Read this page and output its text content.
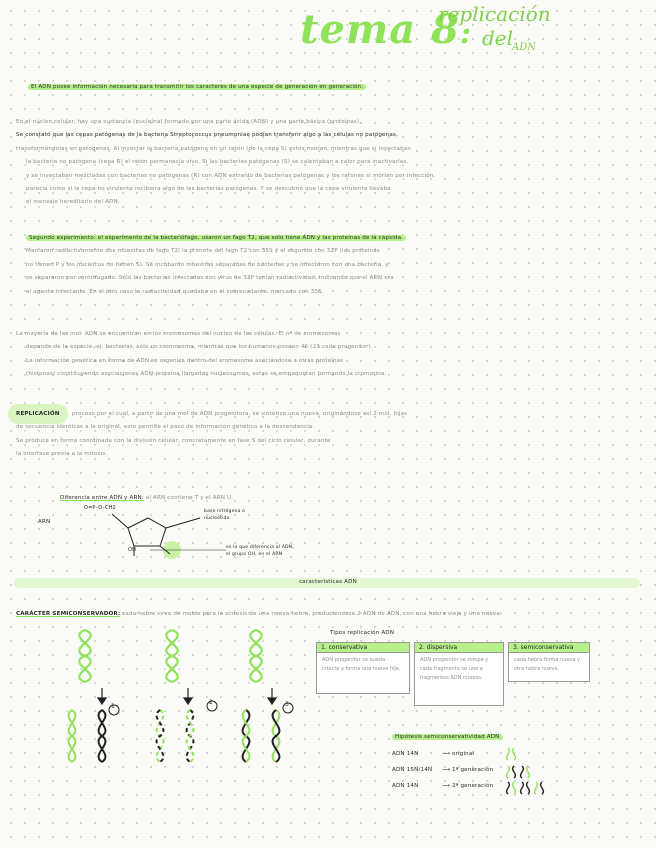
tema 8:
replicación
del
ADN
El ADN posee información necesaria para transmitir los caracteres de una especie de generación en generación.
En el núcleo celular, hay una sustancia (nucleína) formada por una parte ácida (ADN) y una parte básica (proteínas).
Se constató que las cepas patógenas de la bacteria Streptococcus pneumoniae podían transferir algo a las células no patógenas,
transformándolas en patógenas. Al inyectar la bacteria patógena en un ratón (de la cepa S) estos morían, mientras que si inyectaban
la bacteria no patógena (cepa R) el ratón permanecía vivo. Si las bacterias patógenas (S) se calentaban a calor para inactivarlas,
y se inyectaban mezcladas con bacterias no patógenas (R) con ADN extraído de bacterias patógenas y los ratones sí morían por infección,
parecía como si la cepa no virulenta recibiera algo de las bacterias patógenas. Y se descubrió que la cepa virulenta llevaba
el mensaje hereditario del ADN.
Segundo experimento: el experimento de la bacteriófago, usaron un fago T2, que solo tiene ADN y las proteínas de la cápsida.
Marcaron radiactivamente dos muestras de fago T2, la primera del fago T2 con 35S y el segundo con 32P (las proteínas
no tienen P y los nucleicos no tienen S). Se incubaron muestras separadas de bacterias y se infectaron con una bacteria, y
se separaron por centrifugado. Sólo las bacterias infectadas con virus de 32P tenían radiactividad, indicando que el ADN era
el agente infectante. En el otro caso la radiactividad quedaba en el sobrenadante, marcado con 35S.
La mayoría de las mol. ADN se encuentran en los cromosomas del núcleo de las células. El nº de cromosomas
depende de la especie, ej: bacterias, sólo un cromosoma, mientras que los humanos poseen 46 (23 cada progenitor).
La información genética en forma de ADN se organiza dentro del cromosoma asociándose a otras proteínas
(histonas) constituyendo asociaciones ADN-proteína llamadas nucleosomas, estas se empaquetan formando la cromatina.
REPLICACIÓN proceso por el cual, a partir de una mol de ADN progenitora, se sintetiza una nueva, originándose así 2 mol. hijas
de secuencia idénticas a la original, esto permite el paso de información genética a la descendencia.
Se produce en forma coordinada con la división celular, concretamente en fase S del ciclo celular, durante
la interfase previa a la mitosis.
Diferencia entre ADN y ARN: el ARN contiene T y el ARN U.
O=P–O–CH2
ARN
base nitrógena o nucleótido
OH	es lo que diferencia al ADN,
el grupo OH, en el ARN
características ADN
CARÁCTER SEMICONSERVADOR: cada hebra sirve de molde para la síntesis de una nueva hebra, produciéndose 2 ADN de ADN, con una hebra vieja y una nueva.
1
2	3
Tipos replicación ADN
1. conservativa
ADN progenitor se queda intacto y forma una nueva hija.
2. dispersiva
ADN progenitor se rompe y cada fragmento se une a fragmentos ADN nuevos.
3. semiconservativa
cada hebra forma nueva y otra hebra nueva.
Hipótesis semiconservatividad ADN
ADN 14N	⟶ original
ADN 15N/14N ⟶ 1ª generación
ADN 14N	⟶ 2ª generación
